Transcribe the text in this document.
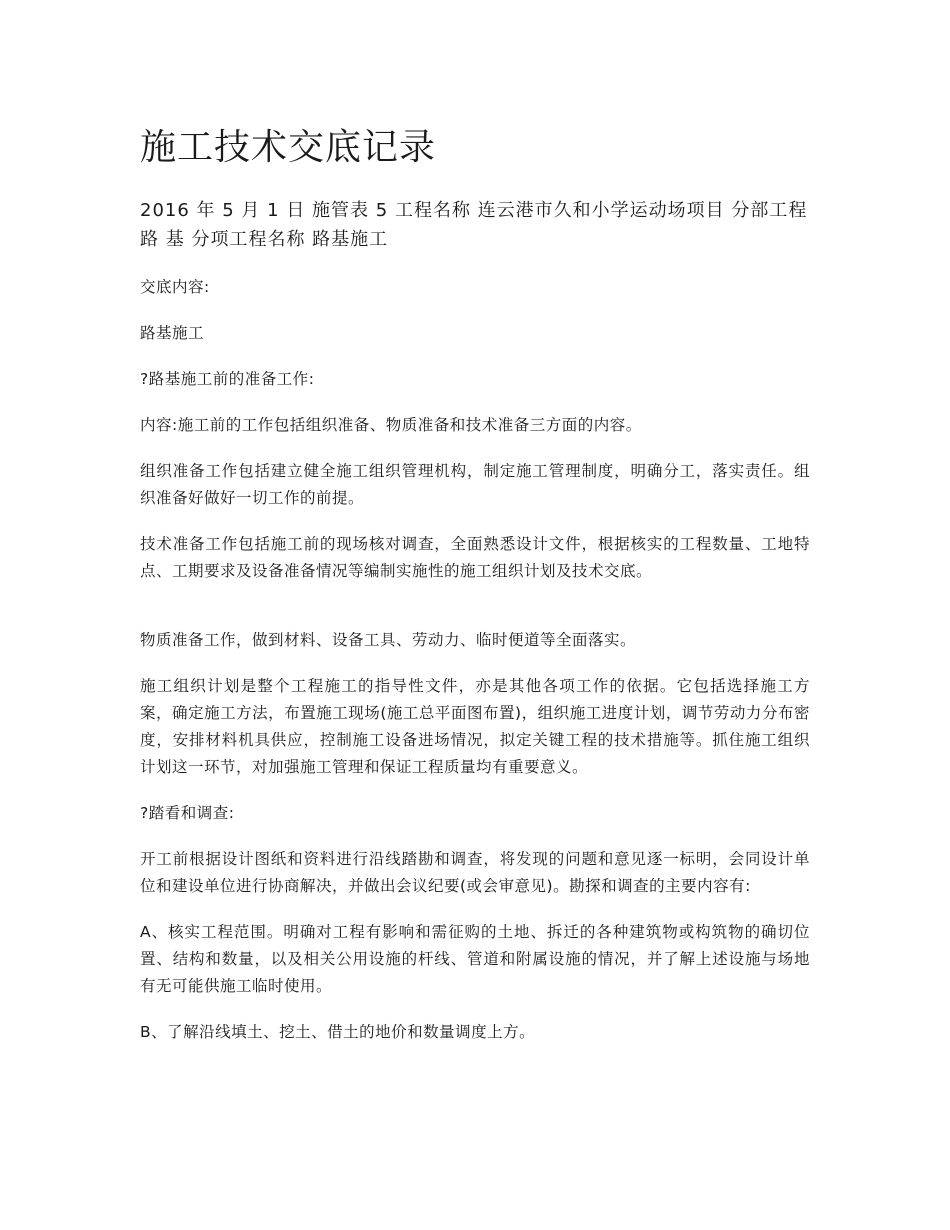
施工技术交底记录

2016 年 5 月 1 日 施管表 5 工程名称 连云港市久和小学运动场项目 分部工程 路 基 分项工程名称 路基施工

交底内容:

路基施工

?路基施工前的准备工作:

内容:施工前的工作包括组织准备、物质准备和技术准备三方面的内容。

组织准备工作包括建立健全施工组织管理机构，制定施工管理制度，明确分工，落实责任。组织准备好做好一切工作的前提。

技术准备工作包括施工前的现场核对调查，全面熟悉设计文件，根据核实的工程数量、工地特点、工期要求及设备准备情况等编制实施性的施工组织计划及技术交底。

物质准备工作，做到材料、设备工具、劳动力、临时便道等全面落实。

施工组织计划是整个工程施工的指导性文件，亦是其他各项工作的依据。它包括选择施工方案，确定施工方法，布置施工现场(施工总平面图布置)，组织施工进度计划，调节劳动力分布密度，安排材料机具供应，控制施工设备进场情况，拟定关键工程的技术措施等。抓住施工组织计划这一环节，对加强施工管理和保证工程质量均有重要意义。

?踏看和调查:

开工前根据设计图纸和资料进行沿线踏勘和调查，将发现的问题和意见逐一标明，会同设计单位和建设单位进行协商解决，并做出会议纪要(或会审意见)。勘探和调查的主要内容有:

A、核实工程范围。明确对工程有影响和需征购的土地、拆迁的各种建筑物或构筑物的确切位置、结构和数量，以及相关公用设施的杆线、管道和附属设施的情况，并了解上述设施与场地有无可能供施工临时使用。

B、了解沿线填土、挖土、借土的地价和数量调度上方。
